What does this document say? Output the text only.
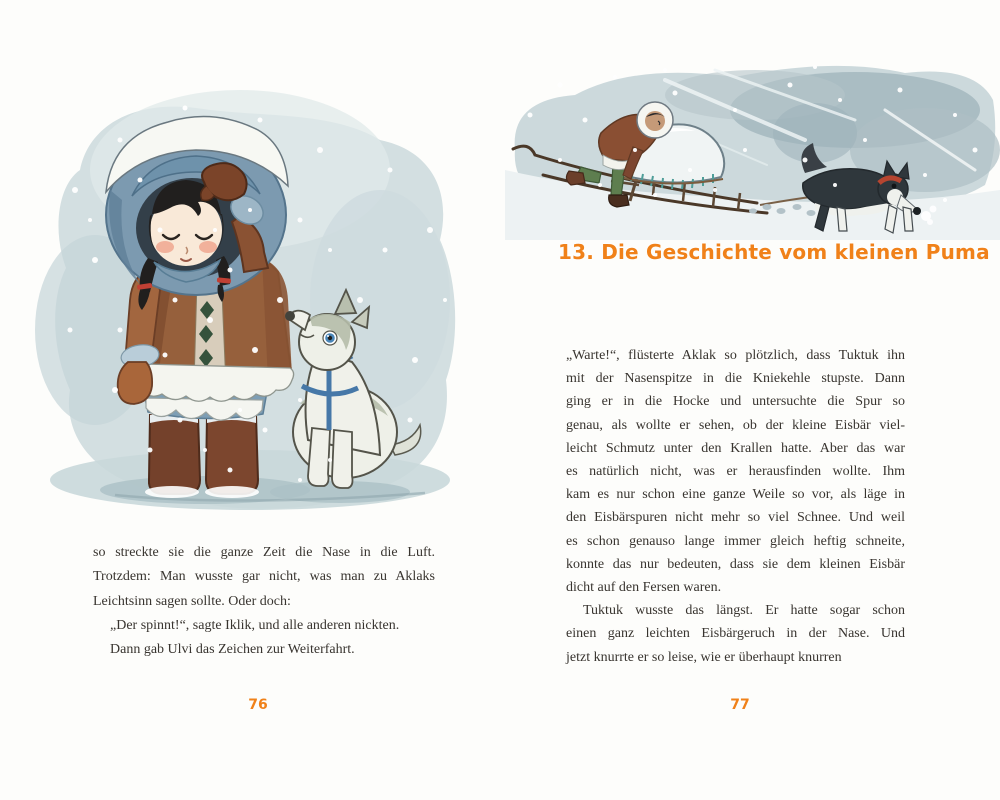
so streckte sie die ganze Zeit die Nase in die Luft.
Trotzdem: Man wusste gar nicht, was man zu Aklaks
Leichtsinn sagen sollte. Oder doch:
„Der spinnt!“, sagte Iklik, und alle anderen nickten.
Dann gab Ulvi das Zeichen zur Weiterfahrt.
76
13. Die Geschichte vom kleinen Puma
„Warte!“, flüsterte Aklak so plötzlich, dass Tuktuk ihn
mit der Nasenspitze in die Kniekehle stupste. Dann
ging er in die Hocke und untersuchte die Spur so
genau, als wollte er sehen, ob der kleine Eisbär viel-
leicht Schmutz unter den Krallen hatte. Aber das war
es natürlich nicht, was er herausfinden wollte. Ihm
kam es nur schon eine ganze Weile so vor, als läge in
den Eisbärspuren nicht mehr so viel Schnee. Und weil
es schon genauso lange immer gleich heftig schneite,
konnte das nur bedeuten, dass sie dem kleinen Eisbär
dicht auf den Fersen waren.
Tuktuk wusste das längst. Er hatte sogar schon
einen ganz leichten Eisbärgeruch in der Nase. Und
jetzt knurrte er so leise, wie er überhaupt knurren
77
